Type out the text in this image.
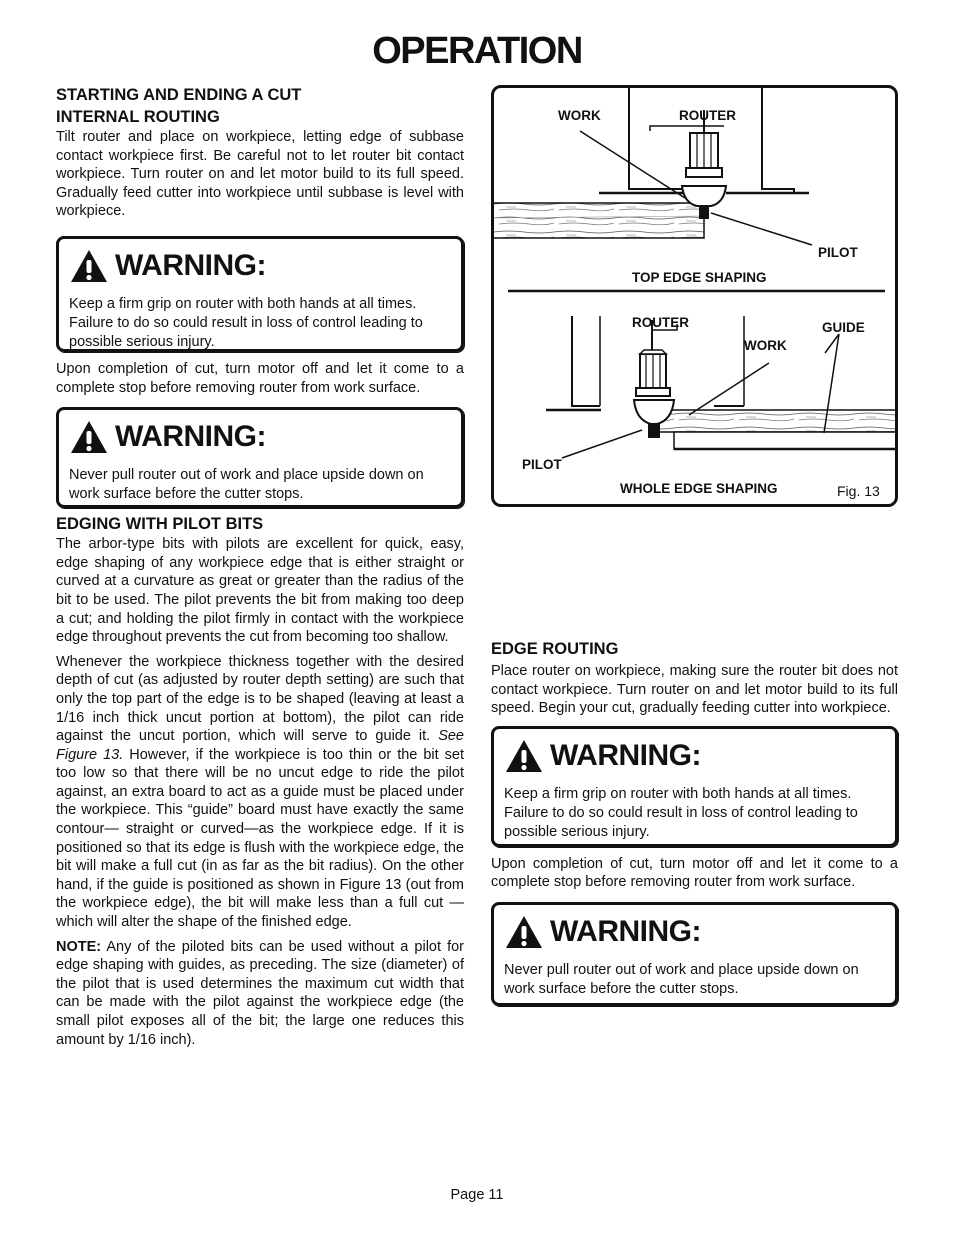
OPERATION
STARTING AND ENDING A CUT
INTERNAL ROUTING

Tilt router and place on workpiece, letting edge of subbase contact workpiece first. Be careful not to let router bit contact workpiece. Turn router on and let motor build to its full speed. Gradually feed cutter into workpiece until subbase is level with workpiece.

WARNING:

Keep a firm grip on router with both hands at all times. Failure to do so could result in loss of control leading to possible serious injury.

Upon completion of cut, turn motor off and let it come to a complete stop before removing router from work surface.

WARNING:

Never pull router out of work and place upside down on work surface before the cutter stops.

EDGING WITH PILOT BITS

The arbor-type bits with pilots are excellent for quick, easy, edge shaping of any workpiece edge that is either straight or curved at a curvature as great or greater than the radius of the bit to be used. The pilot prevents the bit from making too deep a cut; and holding the pilot firmly in contact with the workpiece edge throughout prevents the cut from becoming too shallow.

Whenever the workpiece thickness together with the desired depth of cut (as adjusted by router depth setting) are such that only the top part of the edge is to be shaped (leaving at least a 1/16 inch thick uncut portion at bottom), the pilot can ride against the uncut portion, which will serve to guide it. See Figure 13. However, if the workpiece is too thin or the bit set too low so that there will be no uncut edge to ride the pilot against, an extra board to act as a guide must be placed under the workpiece. This “guide” board must have exactly the same contour— straight or curved—as the workpiece edge. If it is positioned so that its edge is flush with the workpiece edge, the bit will make a full cut (in as far as the bit radius). On the other hand, if the guide is positioned as shown in Figure 13 (out from the workpiece edge), the bit will make less than a full cut — which will alter the shape of the finished edge.

NOTE: Any of the piloted bits can be used without a pilot for edge shaping with guides, as preceding. The size (diameter) of the pilot that is used determines the maximum cut width that can be made with the pilot against the workpiece edge (the small pilot exposes all of the bit; the large one reduces this amount by 1/16 inch).

WORK	ROUTER
PILOT
TOP EDGE SHAPING
ROUTER
WORK
GUIDE
PILOT
WHOLE EDGE SHAPING	Fig. 13
EDGE ROUTING

Place router on workpiece, making sure the router bit does not contact workpiece. Turn router on and let motor build to its full speed. Begin your cut, gradually feeding cutter into workpiece.

WARNING:

Keep a firm grip on router with both hands at all times. Failure to do so could result in loss of control leading to possible serious injury.

Upon completion of cut, turn motor off and let it come to a complete stop before removing router from work surface.

WARNING:

Never pull router out of work and place upside down on work surface before the cutter stops.

Page 11
